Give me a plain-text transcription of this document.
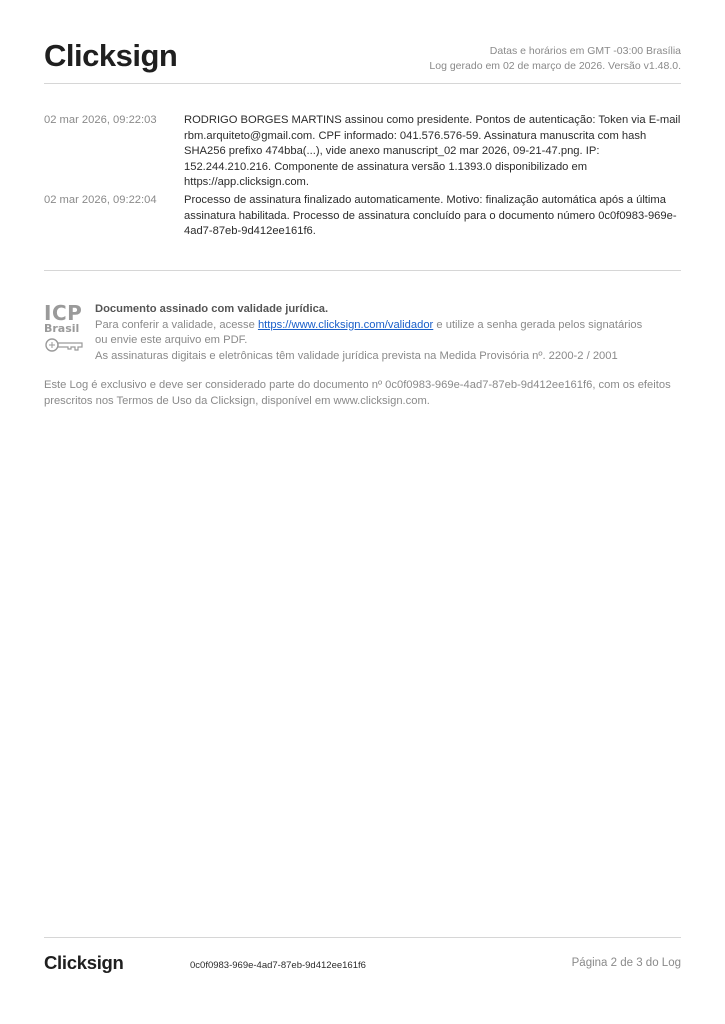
Clicksign	Datas e horários em GMT -03:00 Brasília
Log gerado em 02 de março de 2026. Versão v1.48.0.
02 mar 2026, 09:22:03	RODRIGO BORGES MARTINS assinou como presidente. Pontos de autenticação: Token via E-mail rbm.arquiteto@gmail.com. CPF informado: 041.576.576-59. Assinatura manuscrita com hash SHA256 prefixo 474bba(...), vide anexo manuscript_02 mar 2026, 09-21-47.png. IP: 152.244.210.216. Componente de assinatura versão 1.1393.0 disponibilizado em https://app.clicksign.com.
02 mar 2026, 09:22:04	Processo de assinatura finalizado automaticamente. Motivo: finalização automática após a última assinatura habilitada. Processo de assinatura concluído para o documento número 0c0f0983-969e-4ad7-87eb-9d412ee161f6.
ICP
Brasil
Documento assinado com validade jurídica.
Para conferir a validade, acesse https://www.clicksign.com/validador e utilize a senha gerada pelos signatários
ou envie este arquivo em PDF.
As assinaturas digitais e eletrônicas têm validade jurídica prevista na Medida Provisória nº. 2200-2 / 2001
Este Log é exclusivo e deve ser considerado parte do documento nº 0c0f0983-969e-4ad7-87eb-9d412ee161f6, com os efeitos prescritos nos Termos de Uso da Clicksign, disponível em www.clicksign.com.
Clicksign	0c0f0983-969e-4ad7-87eb-9d412ee161f6	Página 2 de 3 do Log
